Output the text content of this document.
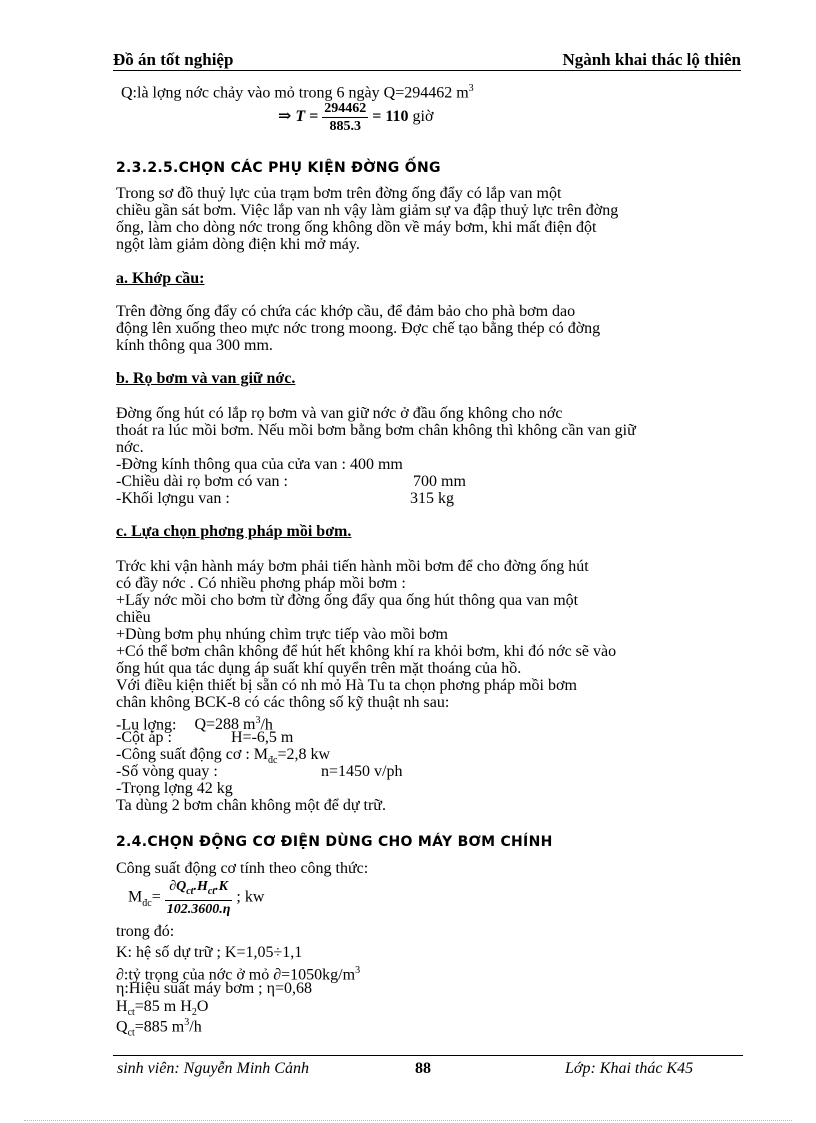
Đồ án tốt nghiệp	Ngành khai thác lộ thiên
Q:là lợng nớc chảy vào mỏ trong 6 ngày Q=294462 $m^3$
⇒ $T = \frac{294462}{885.3} = 110$ giờ
2.3.2.5.CHỌN CÁC PHỤ KIỆN ĐỜNG ỐNG
Trong sơ đồ thuỷ lực của trạm bơm trên đờng ống đẩy có lắp van một
chiều gần sát bơm. Việc lắp van nh vậy làm giảm sự va đập thuỷ lực trên đờng
ống, làm cho dòng nớc trong ống không dồn về máy bơm, khi mất điện đột
ngột làm giảm dòng điện khi mở máy.
a. Khớp cầu:
Trên đờng ống đẩy có chứa các khớp cầu, để đảm bảo cho phà bơm dao
động lên xuống theo mực nớc trong moong. Đợc chế tạo bằng thép có đờng
kính thông qua 300 mm.
b. Rọ bơm và van giữ nớc.
Đờng ống hút có lắp rọ bơm và van giữ nớc ở đầu ống không cho nớc
thoát ra lúc mồi bơm. Nếu mồi bơm bằng bơm chân không thì không cần van giữ
nớc.
-Đờng kính thông qua của cửa van : 400 mm
-Chiều dài rọ bơm có van :	700 mm
-Khối lợngu van :	315 kg
c. Lựa chọn phơng pháp mồi bơm.
Trớc khi vận hành máy bơm phải tiến hành mồi bơm để cho đờng ống hút
có đầy nớc . Có nhiều phơng pháp mồi bơm :
+Lấy nớc mồi cho bơm từ đờng ống đẩy qua ống hút thông qua van một
chiều
+Dùng bơm phụ nhúng chìm trực tiếp vào mồi bơm
+Có thể bơm chân không để hút hết không khí ra khỏi bơm, khi đó nớc sẽ vào
ống hút qua tác dụng áp suất khí quyển trên mặt thoáng của hồ.
Với điều kiện thiết bị sẵn có nh mỏ Hà Tu ta chọn phơng pháp mồi bơm
chân không BCK-8 có các thông số kỹ thuật nh sau:
-Lu lợng: Q=288 $m^3/h$
-Cột áp :	H=-6,5 m
-Công suất động cơ : $M_{đc}=2,8$ kw
-Số vòng quay :	n=1450 v/ph
-Trọng lợng 42 kg
Ta dùng 2 bơm chân không một để dự trữ.
2.4.CHỌN ĐỘNG CƠ ĐIỆN DÙNG CHO MÁY BƠM CHÍNH
Công suất động cơ tính theo công thức:
$M_{đc}= \frac{\partial Q_{ct}.H_{ct}.K}{102.3600.\eta}$ ; kw
trong đó:
K: hệ số dự trữ ; K=1,05÷1,1
∂:tỷ trọng của nớc ở mỏ $\partial=1050kg/m^3$
η:Hiệu suất máy bơm ; η=0,68
$H_{ct}=85$ m $H_2O$
$Q_{ct}=885$ $m^3/h$
sinh viên: Nguyễn Minh Cảnh	88	Lớp: Khai thác K45
